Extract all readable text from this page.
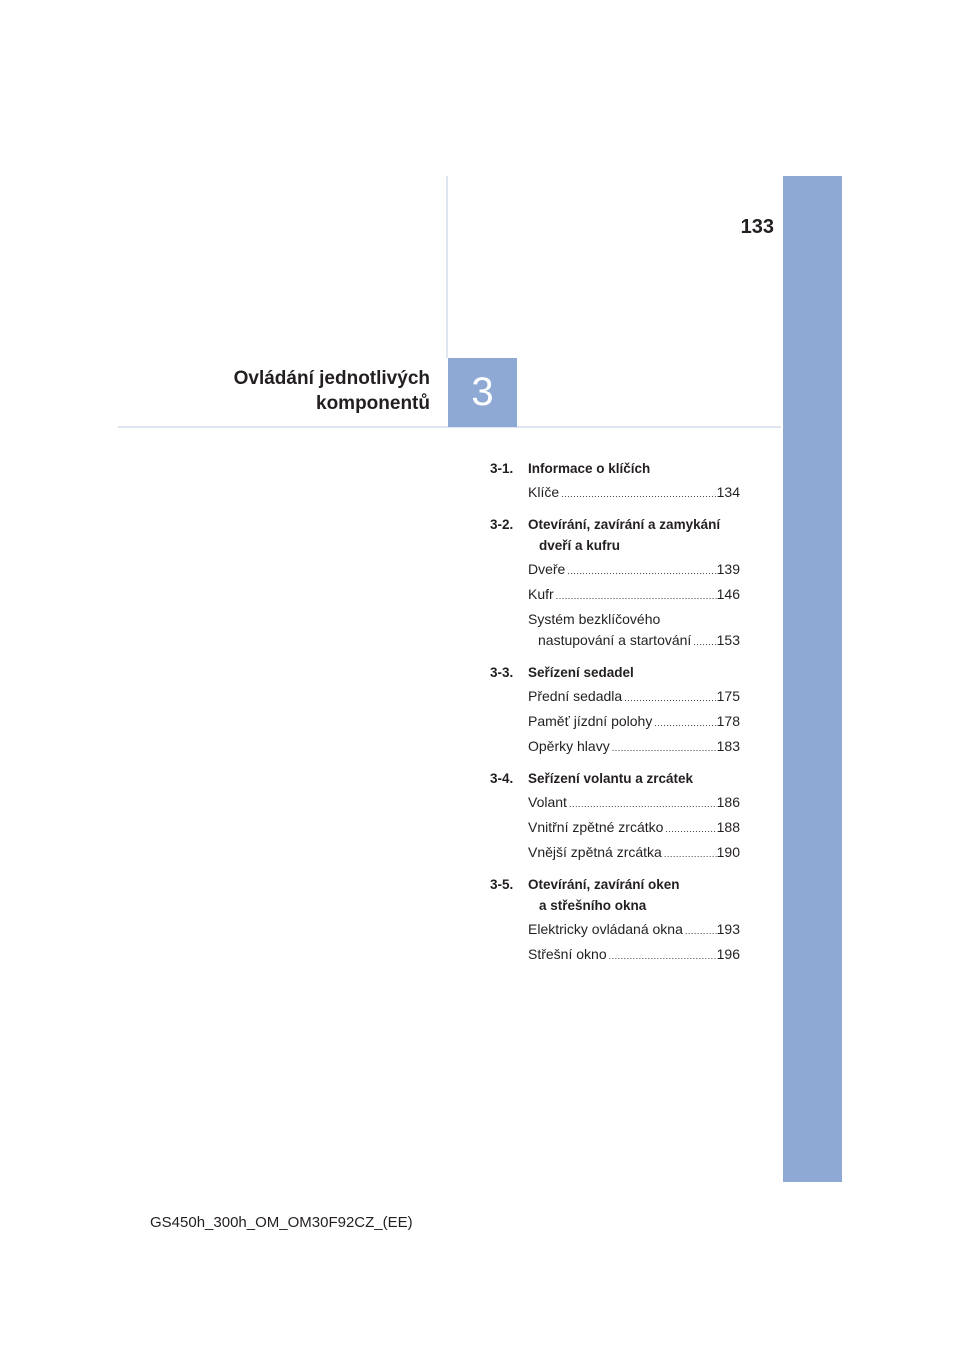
133
Ovládání jednotlivých
komponentů	3
3-1.	Informace o klíčích
Klíče .....	134
3-2.	Otevírání, zavírání a zamykání
dveří a kufru
Dveře .....	139
Kufr .....	146
Systém bezklíčového
nastupování a startování ..... 153
3-3.	Seřízení sedadel
Přední sedadla .....	175
Paměť jízdní polohy .....	178
Opěrky hlavy .....	183
3-4.	Seřízení volantu a zrcátek
Volant .....	186
Vnitřní zpětné zrcátko .....	188
Vnější zpětná zrcátka .....	190
3-5.	Otevírání, zavírání oken
a střešního okna
Elektricky ovládaná okna ..... 193
Střešní okno .....	196
GS450h_300h_OM_OM30F92CZ_(EE)
